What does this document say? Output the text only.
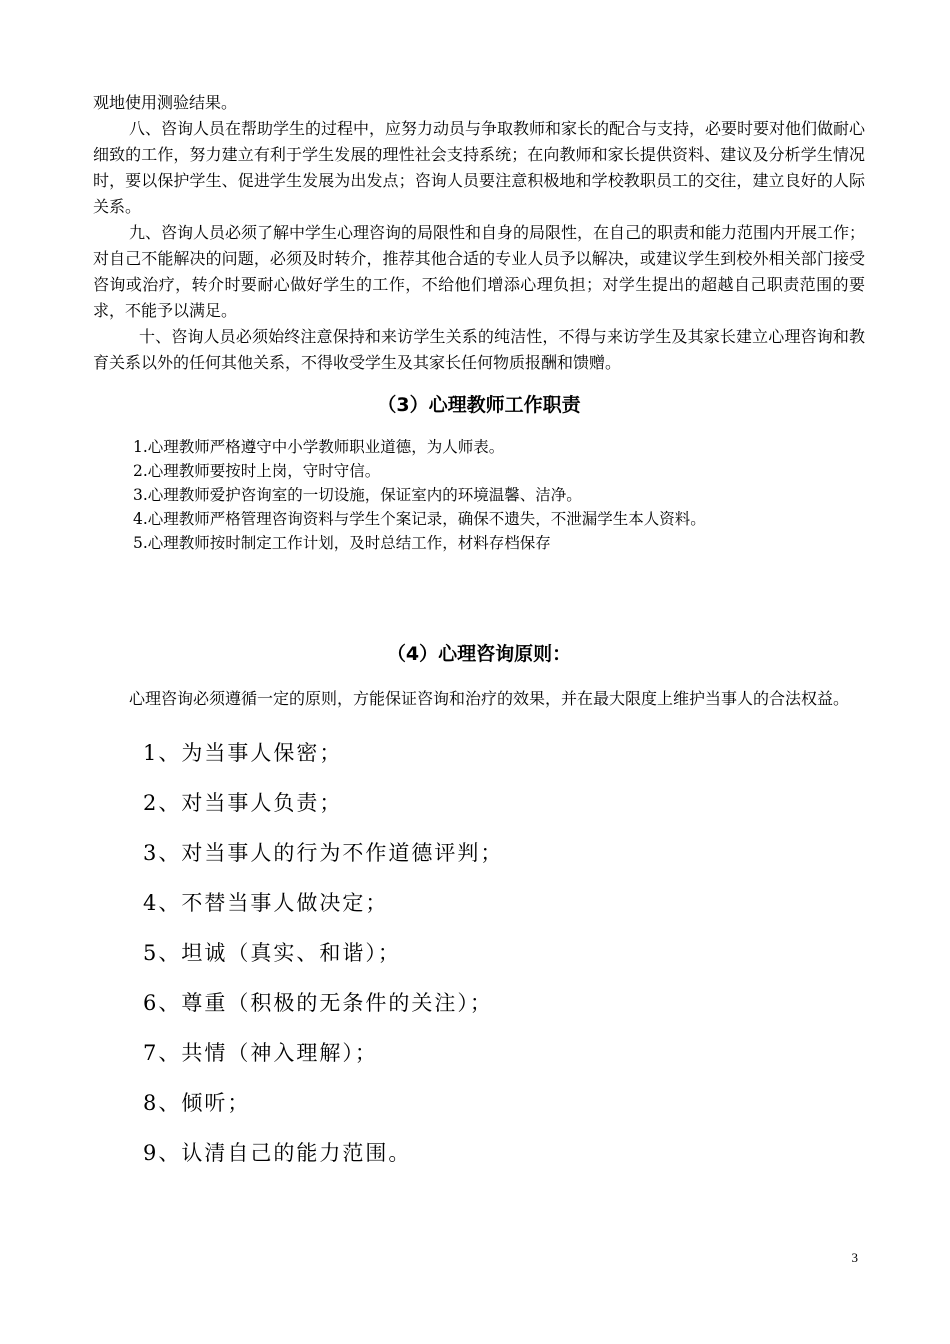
观地使用测验结果。

八、咨询人员在帮助学生的过程中，应努力动员与争取教师和家长的配合与支持，必要时要对他们做耐心细致的工作，努力建立有利于学生发展的理性社会支持系统；在向教师和家长提供资料、建议及分析学生情况时，要以保护学生、促进学生发展为出发点；咨询人员要注意积极地和学校教职员工的交往，建立良好的人际关系。

九、咨询人员必须了解中学生心理咨询的局限性和自身的局限性，在自己的职责和能力范围内开展工作；对自己不能解决的问题，必须及时转介，推荐其他合适的专业人员予以解决，或建议学生到校外相关部门接受咨询或治疗，转介时要耐心做好学生的工作，不给他们增添心理负担；对学生提出的超越自己职责范围的要求，不能予以满足。

十、咨询人员必须始终注意保持和来访学生关系的纯洁性，不得与来访学生及其家长建立心理咨询和教育关系以外的任何其他关系，不得收受学生及其家长任何物质报酬和馈赠。

（3）心理教师工作职责

1.心理教师严格遵守中小学教师职业道德，为人师表。

2.心理教师要按时上岗，守时守信。

3.心理教师爱护咨询室的一切设施，保证室内的环境温馨、洁净。

4.心理教师严格管理咨询资料与学生个案记录，确保不遗失，不泄漏学生本人资料。

5.心理教师按时制定工作计划，及时总结工作，材料存档保存

（4）心理咨询原则：

心理咨询必须遵循一定的原则，方能保证咨询和治疗的效果，并在最大限度上维护当事人的合法权益。

1、为当事人保密；
2、对当事人负责；
3、对当事人的行为不作道德评判；
4、不替当事人做决定；
5、坦诚（真实、和谐）；
6、尊重（积极的无条件的关注）；
7、共情（神入理解）；
8、倾听；
9、认清自己的能力范围。
3
